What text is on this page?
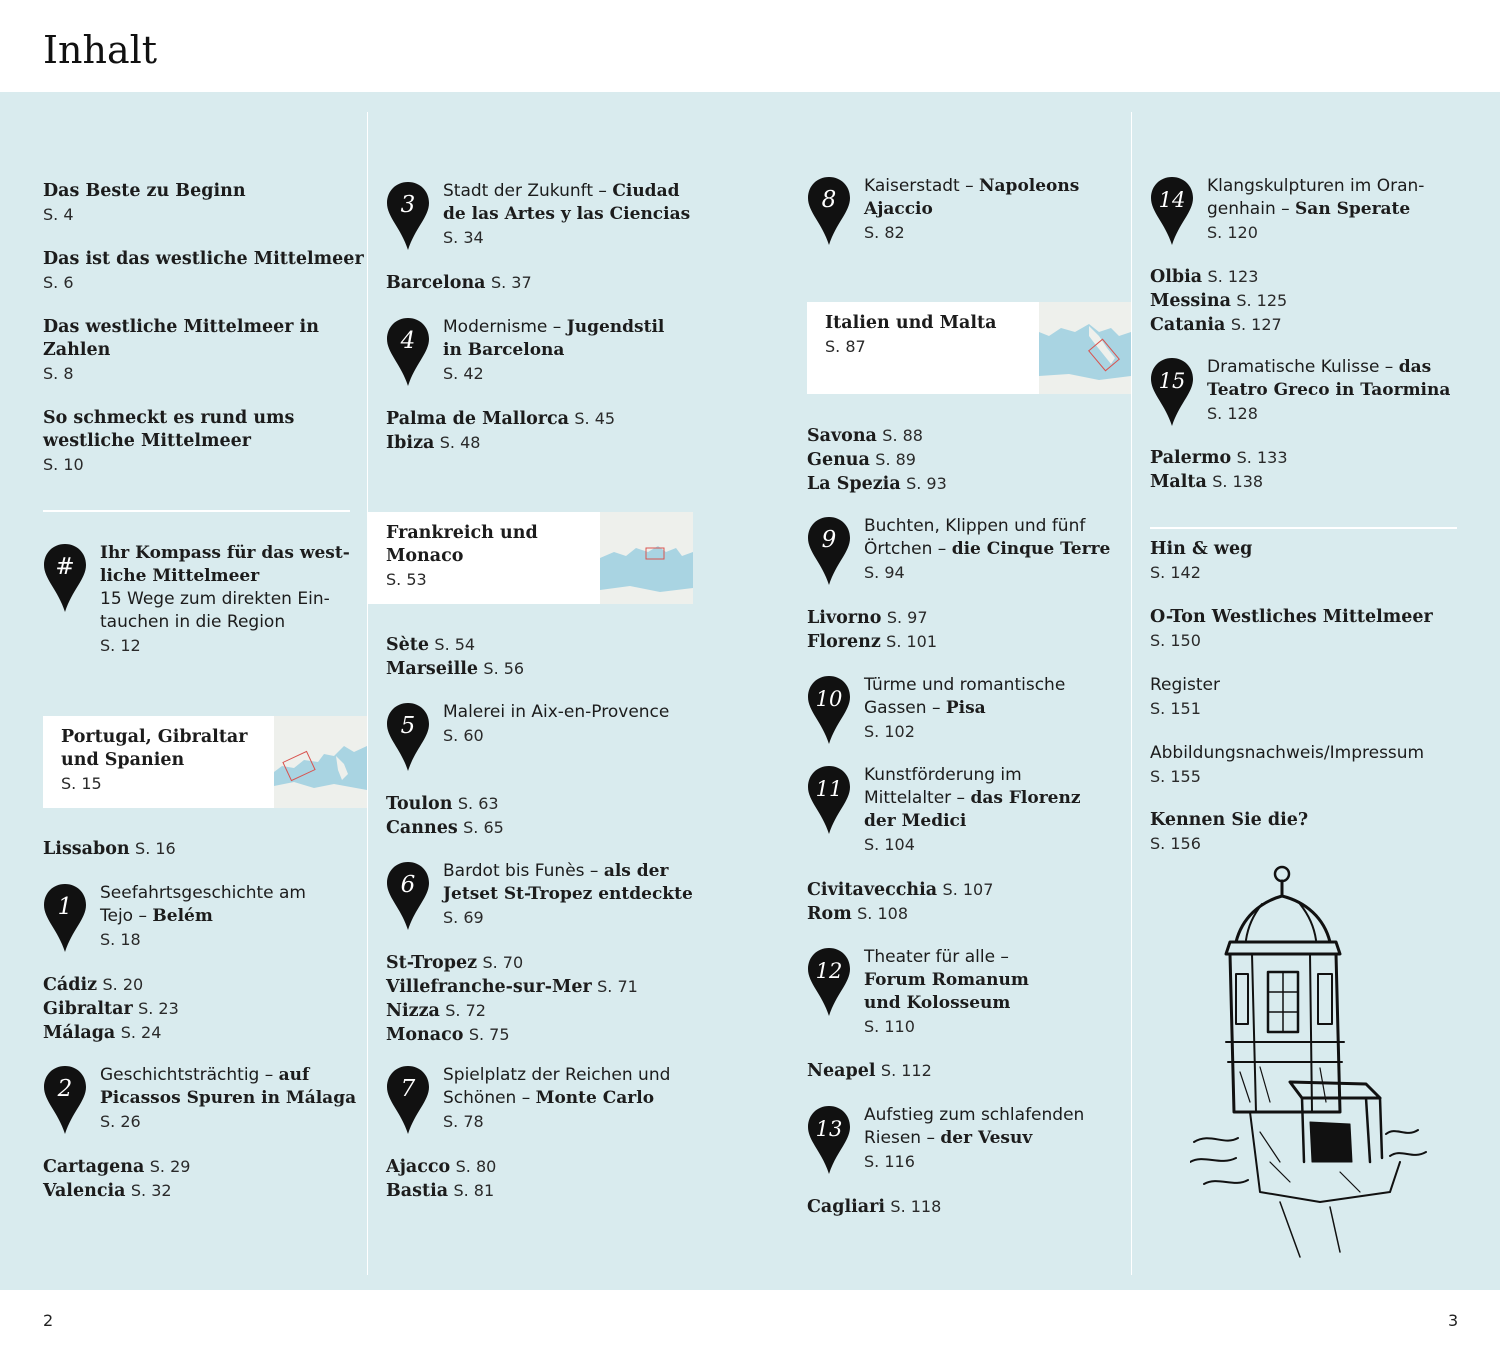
Inhalt
Das Beste zu Beginn
S. 4
Das ist das westliche Mittelmeer
S. 6
Das westliche Mittelmeer in
Zahlen
S. 8
So schmeckt es rund ums
westliche Mittelmeer
S. 10
#
Ihr Kompass für das west-
liche Mittelmeer
15 Wege zum direkten Ein-
tauchen in die Region
S. 12
Portugal, Gibraltar
und Spanien
S. 15
Lissabon S. 16
1
Seefahrtsgeschichte am
Tejo – Belém
S. 18
Cádiz S. 20
Gibraltar S. 23
Málaga S. 24
2
Geschichtsträchtig – auf
Picassos Spuren in Málaga
S. 26
Cartagena S. 29
Valencia S. 32
3
Stadt der Zukunft – Ciudad
de las Artes y las Ciencias
S. 34
Barcelona S. 37
4
Modernisme – Jugendstil
in Barcelona
S. 42
Palma de Mallorca S. 45
Ibiza S. 48
Frankreich und
Monaco
S. 53
Sète S. 54
Marseille S. 56
5
Malerei in Aix-en-Provence
S. 60
Toulon S. 63
Cannes S. 65
6
Bardot bis Funès – als der
Jetset St-Tropez entdeckte
S. 69
St-Tropez S. 70
Villefranche-sur-Mer S. 71
Nizza S. 72
Monaco S. 75
7
Spielplatz der Reichen und
Schönen – Monte Carlo
S. 78
Ajacco S. 80
Bastia S. 81
8
Kaiserstadt – Napoleons
Ajaccio
S. 82
Italien und Malta
S. 87
Savona S. 88
Genua S. 89
La Spezia S. 93
9
Buchten, Klippen und fünf
Örtchen – die Cinque Terre
S. 94
Livorno S. 97
Florenz S. 101
10
Türme und romantische
Gassen – Pisa
S. 102
11
Kunstförderung im
Mittelalter – das Florenz
der Medici
S. 104
Civitavecchia S. 107
Rom S. 108
12
Theater für alle –
Forum Romanum
und Kolosseum
S. 110
Neapel S. 112
13
Aufstieg zum schlafenden
Riesen – der Vesuv
S. 116
Cagliari S. 118
14
Klangskulpturen im Oran-
genhain – San Sperate
S. 120
Olbia S. 123
Messina S. 125
Catania S. 127
15
Dramatische Kulisse – das
Teatro Greco in Taormina
S. 128
Palermo S. 133
Malta S. 138
Hin & weg
S. 142
O-Ton Westliches Mittelmeer
S. 150
Register
S. 151
Abbildungsnachweis/Impressum
S. 155
Kennen Sie die?
S. 156
2	3
